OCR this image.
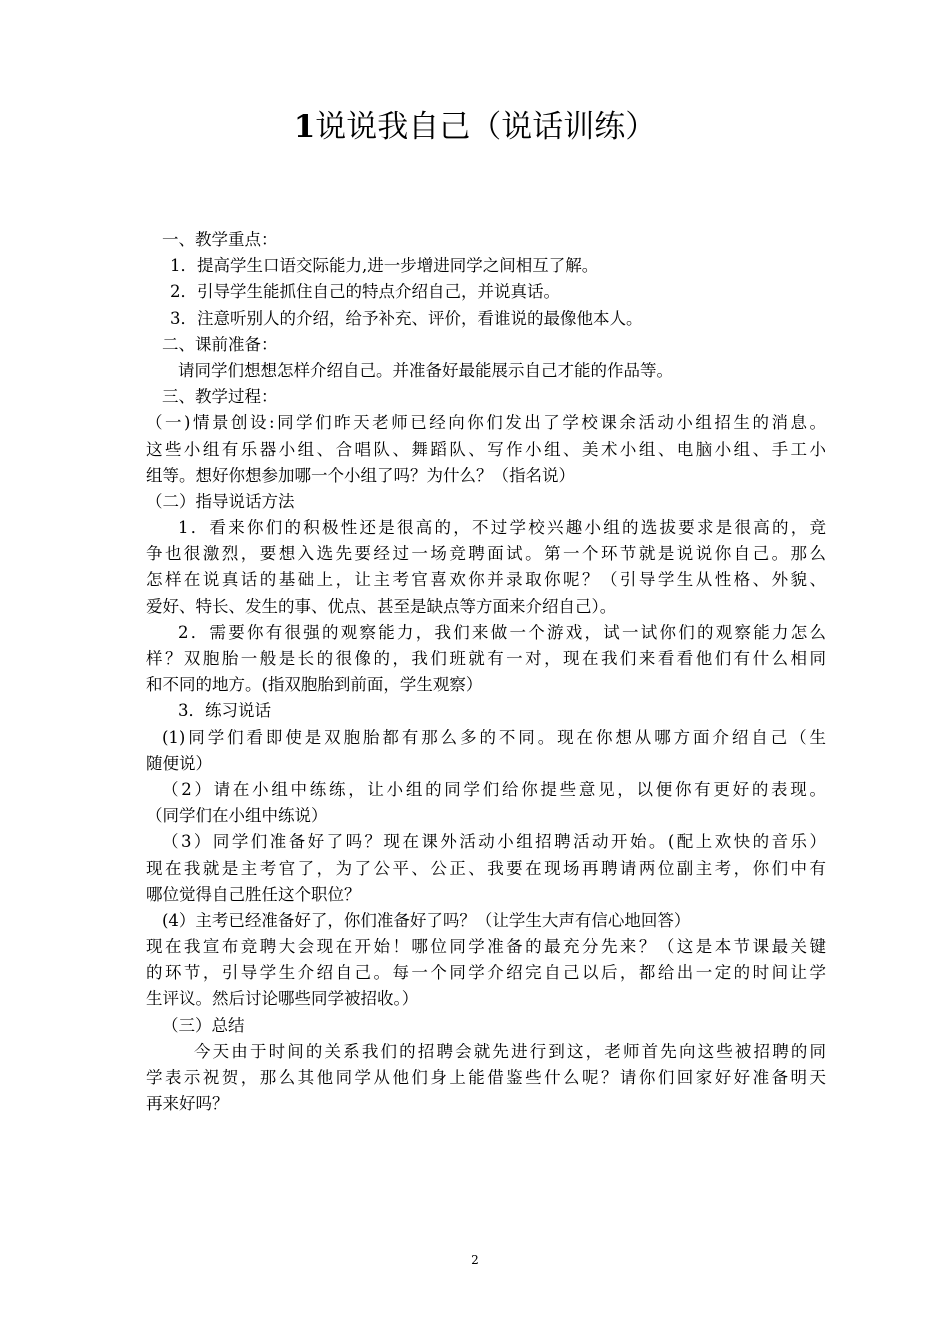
1说说我自己（说话训练）
一、教学重点：
1．提高学生口语交际能力,进一步增进同学之间相互了解。
2．引导学生能抓住自己的特点介绍自己，并说真话。
3．注意听别人的介绍，给予补充、评价，看谁说的最像他本人。
二、课前准备：
请同学们想想怎样介绍自己。并准备好最能展示自己才能的作品等。
三、教学过程：
（一)情景创设:同学们昨天老师已经向你们发出了学校课余活动小组招生的消息。
这些小组有乐器小组、合唱队、舞蹈队、写作小组、美术小组、电脑小组、手工小
组等。想好你想参加哪一个小组了吗？为什么？（指名说）
（二）指导说话方法
1．看来你们的积极性还是很高的，不过学校兴趣小组的选拔要求是很高的，竞
争也很激烈，要想入选先要经过一场竞聘面试。第一个环节就是说说你自己。那么
怎样在说真话的基础上，让主考官喜欢你并录取你呢？（引导学生从性格、外貌、
爱好、特长、发生的事、优点、甚至是缺点等方面来介绍自己）。
2．需要你有很强的观察能力，我们来做一个游戏，试一试你们的观察能力怎么
样？双胞胎一般是长的很像的，我们班就有一对，现在我们来看看他们有什么相同
和不同的地方。(指双胞胎到前面，学生观察）
3．练习说话
(1)同学们看即使是双胞胎都有那么多的不同。现在你想从哪方面介绍自己（生
随便说）
（2）请在小组中练练，让小组的同学们给你提些意见，以便你有更好的表现。
（同学们在小组中练说）
（3）同学们准备好了吗？现在课外活动小组招聘活动开始。(配上欢快的音乐）
现在我就是主考官了，为了公平、公正、我要在现场再聘请两位副主考，你们中有
哪位觉得自己胜任这个职位？
(4）主考已经准备好了，你们准备好了吗？（让学生大声有信心地回答）
现在我宣布竞聘大会现在开始！哪位同学准备的最充分先来？（这是本节课最关键
的环节，引导学生介绍自己。每一个同学介绍完自己以后，都给出一定的时间让学
生评议。然后讨论哪些同学被招收。）
（三）总结
今天由于时间的关系我们的招聘会就先进行到这，老师首先向这些被招聘的同
学表示祝贺，那么其他同学从他们身上能借鉴些什么呢？请你们回家好好准备明天
再来好吗？
2
